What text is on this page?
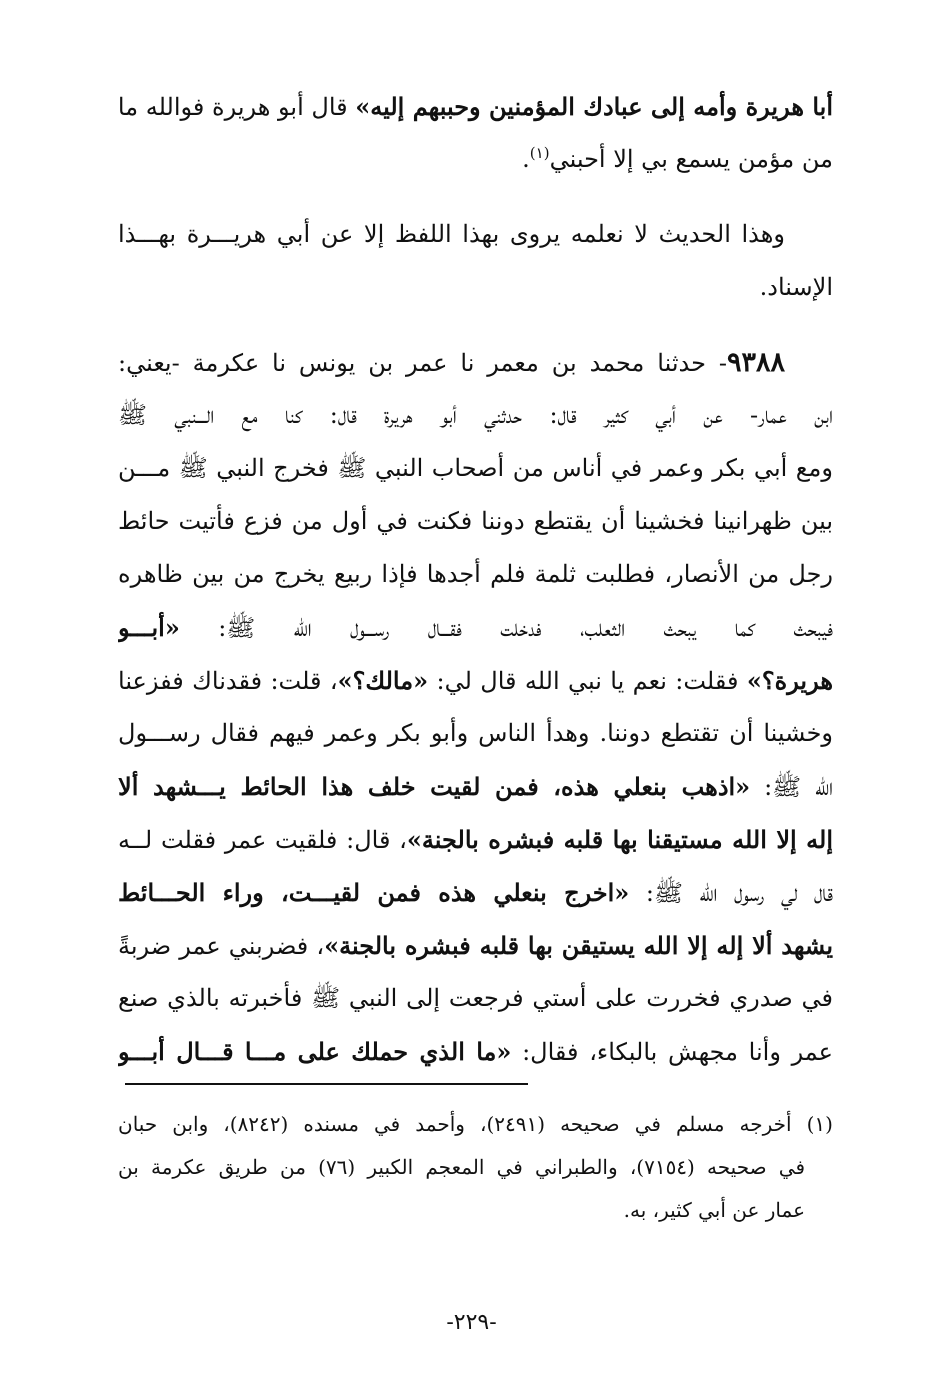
أبا هريرة وأمه إلى عبادك المؤمنين وحببهم إليه» قال أبو هريرة فوالله ما
من مؤمن يسمع بي إلا أحبني$^{(١)}$.
وهذا الحديث لا نعلمه يروى بهذا اللفظ إلا عن أبي هريـــرة بهـــذا
الإسناد.
٩٣٨٨- حدثنا محمد بن معمر نا عمر بن يونس نا عكرمة -يعني:
ابن عمار- عن أبي كثير قال: حدثني أبو هريرة قال: كنا مع الـــنبي ﷺ
ومع أبي بكر وعمر في أناس من أصحاب النبي ﷺ فخرج النبي ﷺ مـــن
بين ظهرانينا فخشينا أن يقتطع دوننا فكنت في أول من فزع فأتيت حائط
رجل من الأنصار، فطلبت ثلمة فلم أجدها فإذا ربيع يخرج من بين ظاهره
فيبحث كما يبحث الثعلب، فدخلت فقـــال رســـول الله ﷺ: «أبـــو
هريرة؟» فقلت: نعم يا نبي الله قال لي: «مالك؟»، قلت: فقدناك ففزعنا
وخشينا أن تقتطع دوننا. وهدأ الناس وأبو بكر وعمر فيهم فقال رســـول
الله ﷺ: «اذهب بنعلي هذه، فمن لقيت خلف هذا الحائط يـــشهد ألا
إله إلا الله مستيقنا بها قلبه فبشره بالجنة»، قال: فلقيت عمر فقلت لــه
قال لي رسول الله ﷺ: «اخرج بنعلي هذه فمن لقيـــت، وراء الحـــائط
يشهد ألا إله إلا الله يستيقن بها قلبه فبشره بالجنة»، فضربني عمر ضربةً
في صدري فخررت على أستي فرجعت إلى النبي ﷺ فأخبرته بالذي صنع
عمر وأنا مجهش بالبكاء، فقال: «ما الذي حملك على مـــا قـــال أبـــو
(١) أخرجه مسلم في صحيحه (٢٤٩١)، وأحمد في مسنده (٨٢٤٢)، وابن حبان
في صحيحه (٧١٥٤)، والطبراني في المعجم الكبير (٧٦) من طريق عكرمة بن
عمار عن أبي كثير، به.
-٢٢٩-
